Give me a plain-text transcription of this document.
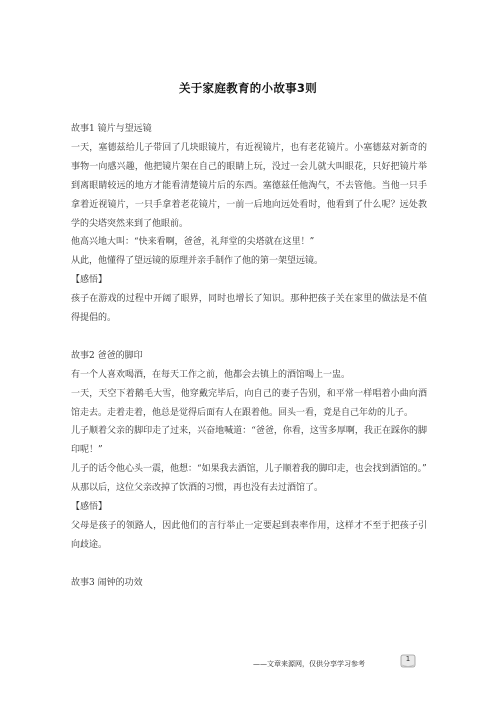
关于家庭教育的小故事3则

故事1 镜片与望远镜

一天，塞德兹给儿子带回了几块眼镜片，有近视镜片，也有老花镜片。小塞德兹对新奇的事物一向感兴趣，他把镜片架在自己的眼睛上玩，没过一会儿就大叫眼花，只好把镜片举到离眼睛较远的地方才能看清楚镜片后的东西。塞德兹任他淘气，不去管他。当他一只手拿着近视镜片，一只手拿着老花镜片，一前一后地向远处看时，他看到了什么呢？远处教学的尖塔突然来到了他眼前。

他高兴地大叫：“快来看啊，爸爸，礼拜堂的尖塔就在这里！”

从此，他懂得了望远镜的原理并亲手制作了他的第一架望远镜。

【感悟】

孩子在游戏的过程中开阔了眼界，同时也增长了知识。那种把孩子关在家里的做法是不值得提倡的。

故事2 爸爸的脚印

有一个人喜欢喝酒，在每天工作之前，他都会去镇上的酒馆喝上一盅。

一天，天空下着鹅毛大雪，他穿戴完毕后，向自己的妻子告别，和平常一样唱着小曲向酒馆走去。走着走着，他总是觉得后面有人在跟着他。回头一看，竟是自己年幼的儿子。

儿子顺着父亲的脚印走了过来，兴奋地喊道：“爸爸，你看，这雪多厚啊，我正在踩你的脚印呢！”

儿子的话令他心头一震，他想：“如果我去酒馆，儿子顺着我的脚印走，也会找到酒馆的。”

从那以后，这位父亲改掉了饮酒的习惯，再也没有去过酒馆了。

【感悟】

父母是孩子的领路人，因此他们的言行举止一定要起到表率作用，这样才不至于把孩子引向歧途。

故事3 闹钟的功效

——文章来源网，仅供分享学习参考
1
